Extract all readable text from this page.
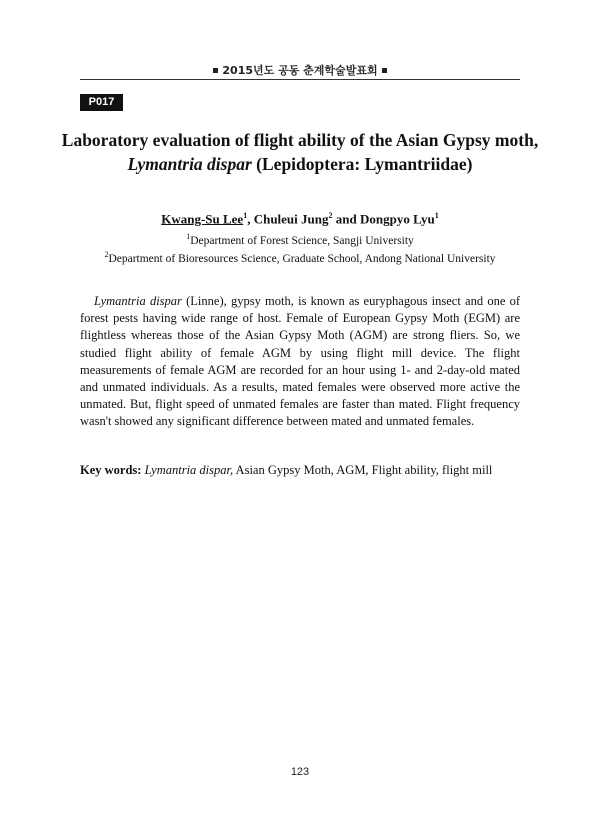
2015년도 공동 춘계학술발표회
P017
Laboratory evaluation of flight ability of the Asian Gypsy moth,
Lymantria dispar (Lepidoptera: Lymantriidae)
Kwang-Su Lee$^1$, Chuleui Jung$^2$ and Dongpyo Lyu$^1$
$^1$Department of Forest Science, Sangji University
$^2$Department of Bioresources Science, Graduate School, Andong National University
Lymantria dispar (Linne), gypsy moth, is known as euryphagous insect and one of forest pests having wide range of host. Female of European Gypsy Moth (EGM) are flightless whereas those of the Asian Gypsy Moth (AGM) are strong fliers. So, we studied flight ability of female AGM by using flight mill device. The flight measurements of female AGM are recorded for an hour using 1- and 2-day-old mated and unmated individuals. As a results, mated females were observed more active the unmated. But, flight speed of unmated females are faster than mated. Flight frequency wasn't showed any significant difference between mated and unmated females.
Key words: Lymantria dispar, Asian Gypsy Moth, AGM, Flight ability, flight mill
123
